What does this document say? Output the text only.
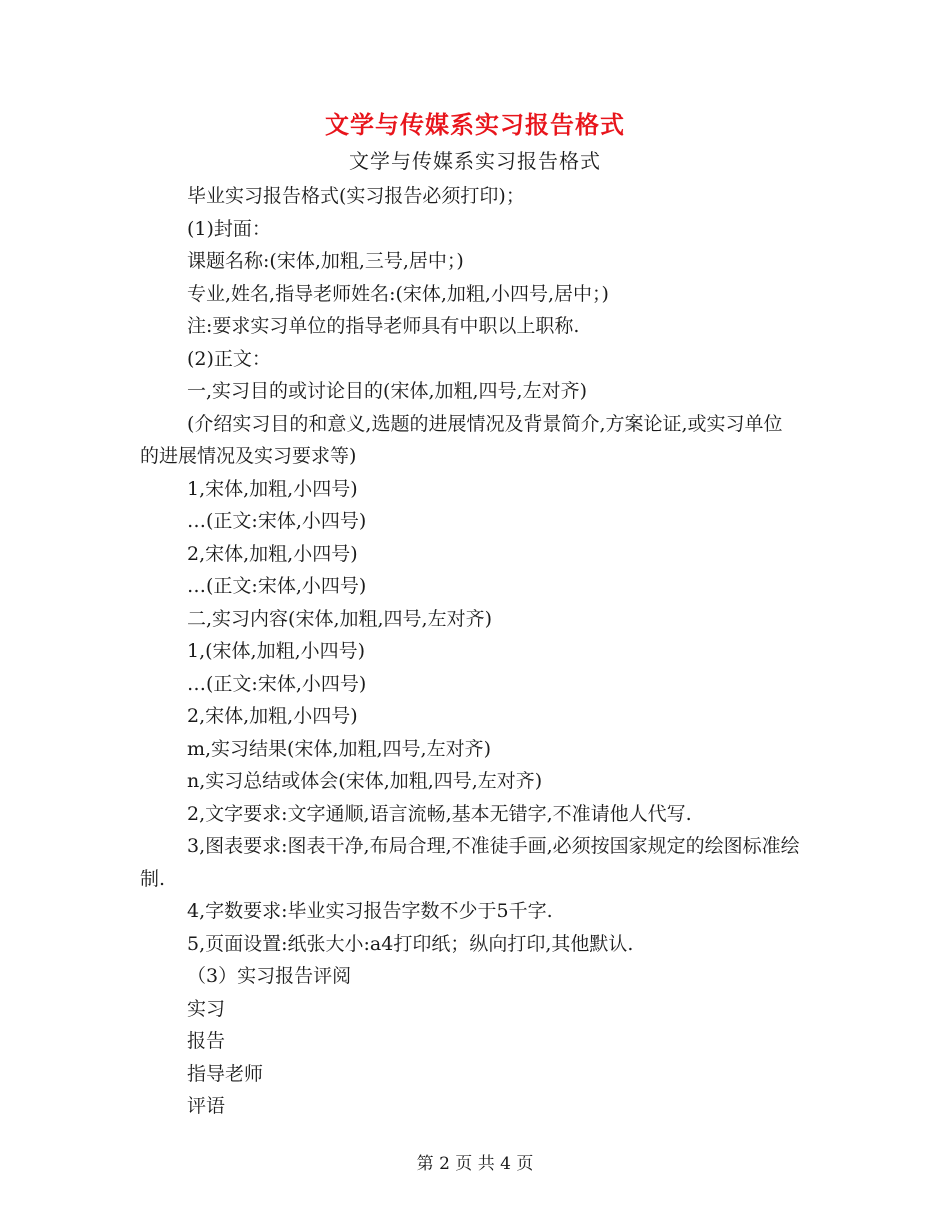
文学与传媒系实习报告格式
文学与传媒系实习报告格式

毕业实习报告格式(实习报告必须打印)；

(1)封面：

课题名称:(宋体,加粗,三号,居中；)

专业,姓名,指导老师姓名:(宋体,加粗,小四号,居中；)

注:要求实习单位的指导老师具有中职以上职称.

(2)正文：

一,实习目的或讨论目的(宋体,加粗,四号,左对齐)

(介绍实习目的和意义,选题的进展情况及背景简介,方案论证,或实习单位的进展情况及实习要求等)

1,宋体,加粗,小四号)

…(正文:宋体,小四号)

2,宋体,加粗,小四号)

…(正文:宋体,小四号)

二,实习内容(宋体,加粗,四号,左对齐)

1,(宋体,加粗,小四号)

…(正文:宋体,小四号)

2,宋体,加粗,小四号)

m,实习结果(宋体,加粗,四号,左对齐)

n,实习总结或体会(宋体,加粗,四号,左对齐)

2,文字要求:文字通顺,语言流畅,基本无错字,不准请他人代写.

3,图表要求:图表干净,布局合理,不准徒手画,必须按国家规定的绘图标准绘制.

4,字数要求:毕业实习报告字数不少于5千字.

5,页面设置:纸张大小:a4打印纸；纵向打印,其他默认.

（3）实习报告评阅

实习

报告

指导老师

评语

第 2 页 共 4 页
